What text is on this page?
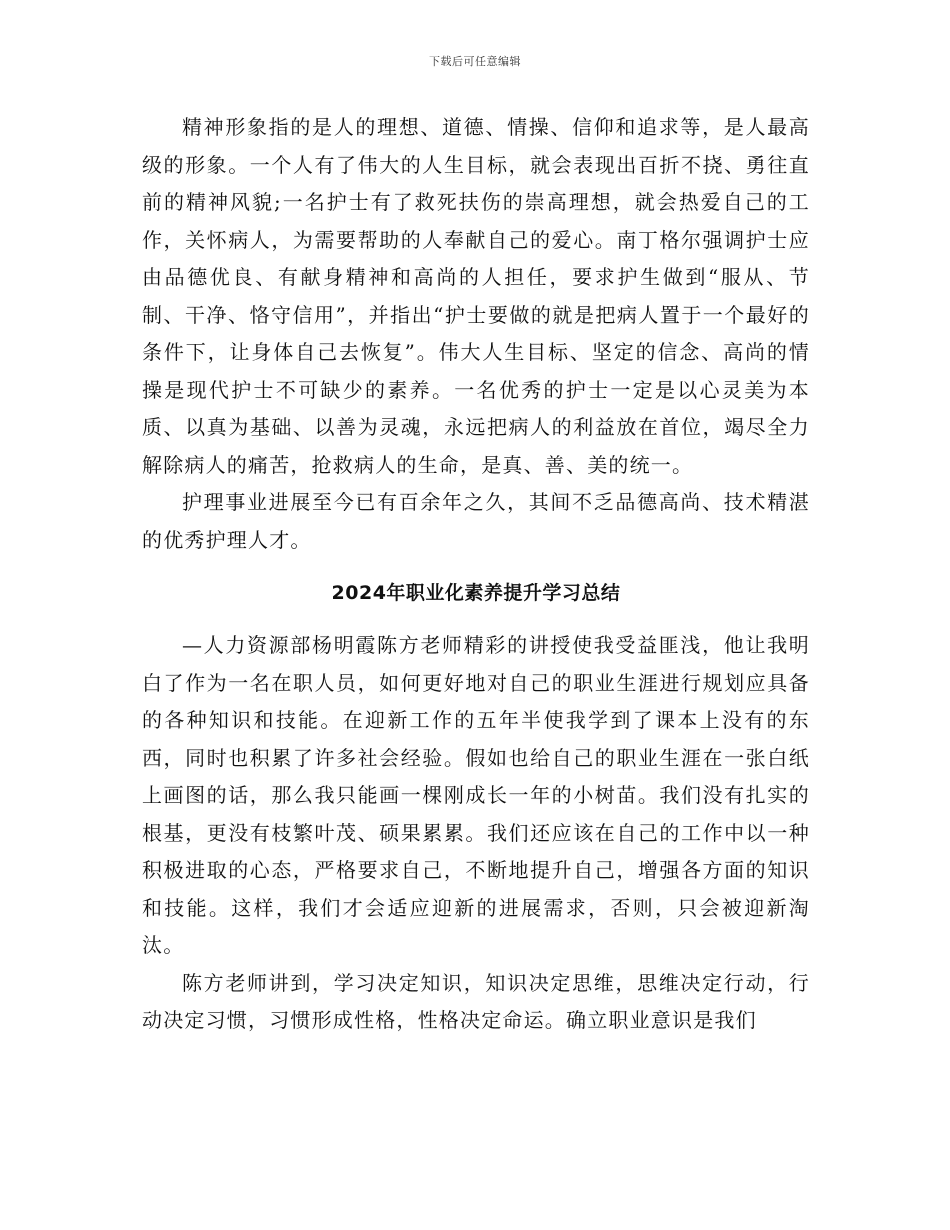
下载后可任意编辑

精神形象指的是人的理想、道德、情操、信仰和追求等，是人最高级的形象。一个人有了伟大的人生目标，就会表现出百折不挠、勇往直前的精神风貌;一名护士有了救死扶伤的崇高理想，就会热爱自己的工作，关怀病人，为需要帮助的人奉献自己的爱心。南丁格尔强调护士应由品德优良、有献身精神和高尚的人担任，要求护生做到“服从、节制、干净、恪守信用”，并指出“护士要做的就是把病人置于一个最好的条件下，让身体自己去恢复”。伟大人生目标、坚定的信念、高尚的情操是现代护士不可缺少的素养。一名优秀的护士一定是以心灵美为本质、以真为基础、以善为灵魂，永远把病人的利益放在首位，竭尽全力解除病人的痛苦，抢救病人的生命，是真、善、美的统一。

护理事业进展至今已有百余年之久，其间不乏品德高尚、技术精湛的优秀护理人才。

2024年职业化素养提升学习总结

—人力资源部杨明霞陈方老师精彩的讲授使我受益匪浅，他让我明白了作为一名在职人员，如何更好地对自己的职业生涯进行规划应具备的各种知识和技能。在迎新工作的五年半使我学到了课本上没有的东西，同时也积累了许多社会经验。假如也给自己的职业生涯在一张白纸上画图的话，那么我只能画一棵刚成长一年的小树苗。我们没有扎实的根基，更没有枝繁叶茂、硕果累累。我们还应该在自己的工作中以一种积极进取的心态，严格要求自己，不断地提升自己，增强各方面的知识和技能。这样，我们才会适应迎新的进展需求，否则，只会被迎新淘汰。

陈方老师讲到，学习决定知识，知识决定思维，思维决定行动，行动决定习惯，习惯形成性格，性格决定命运。确立职业意识是我们
